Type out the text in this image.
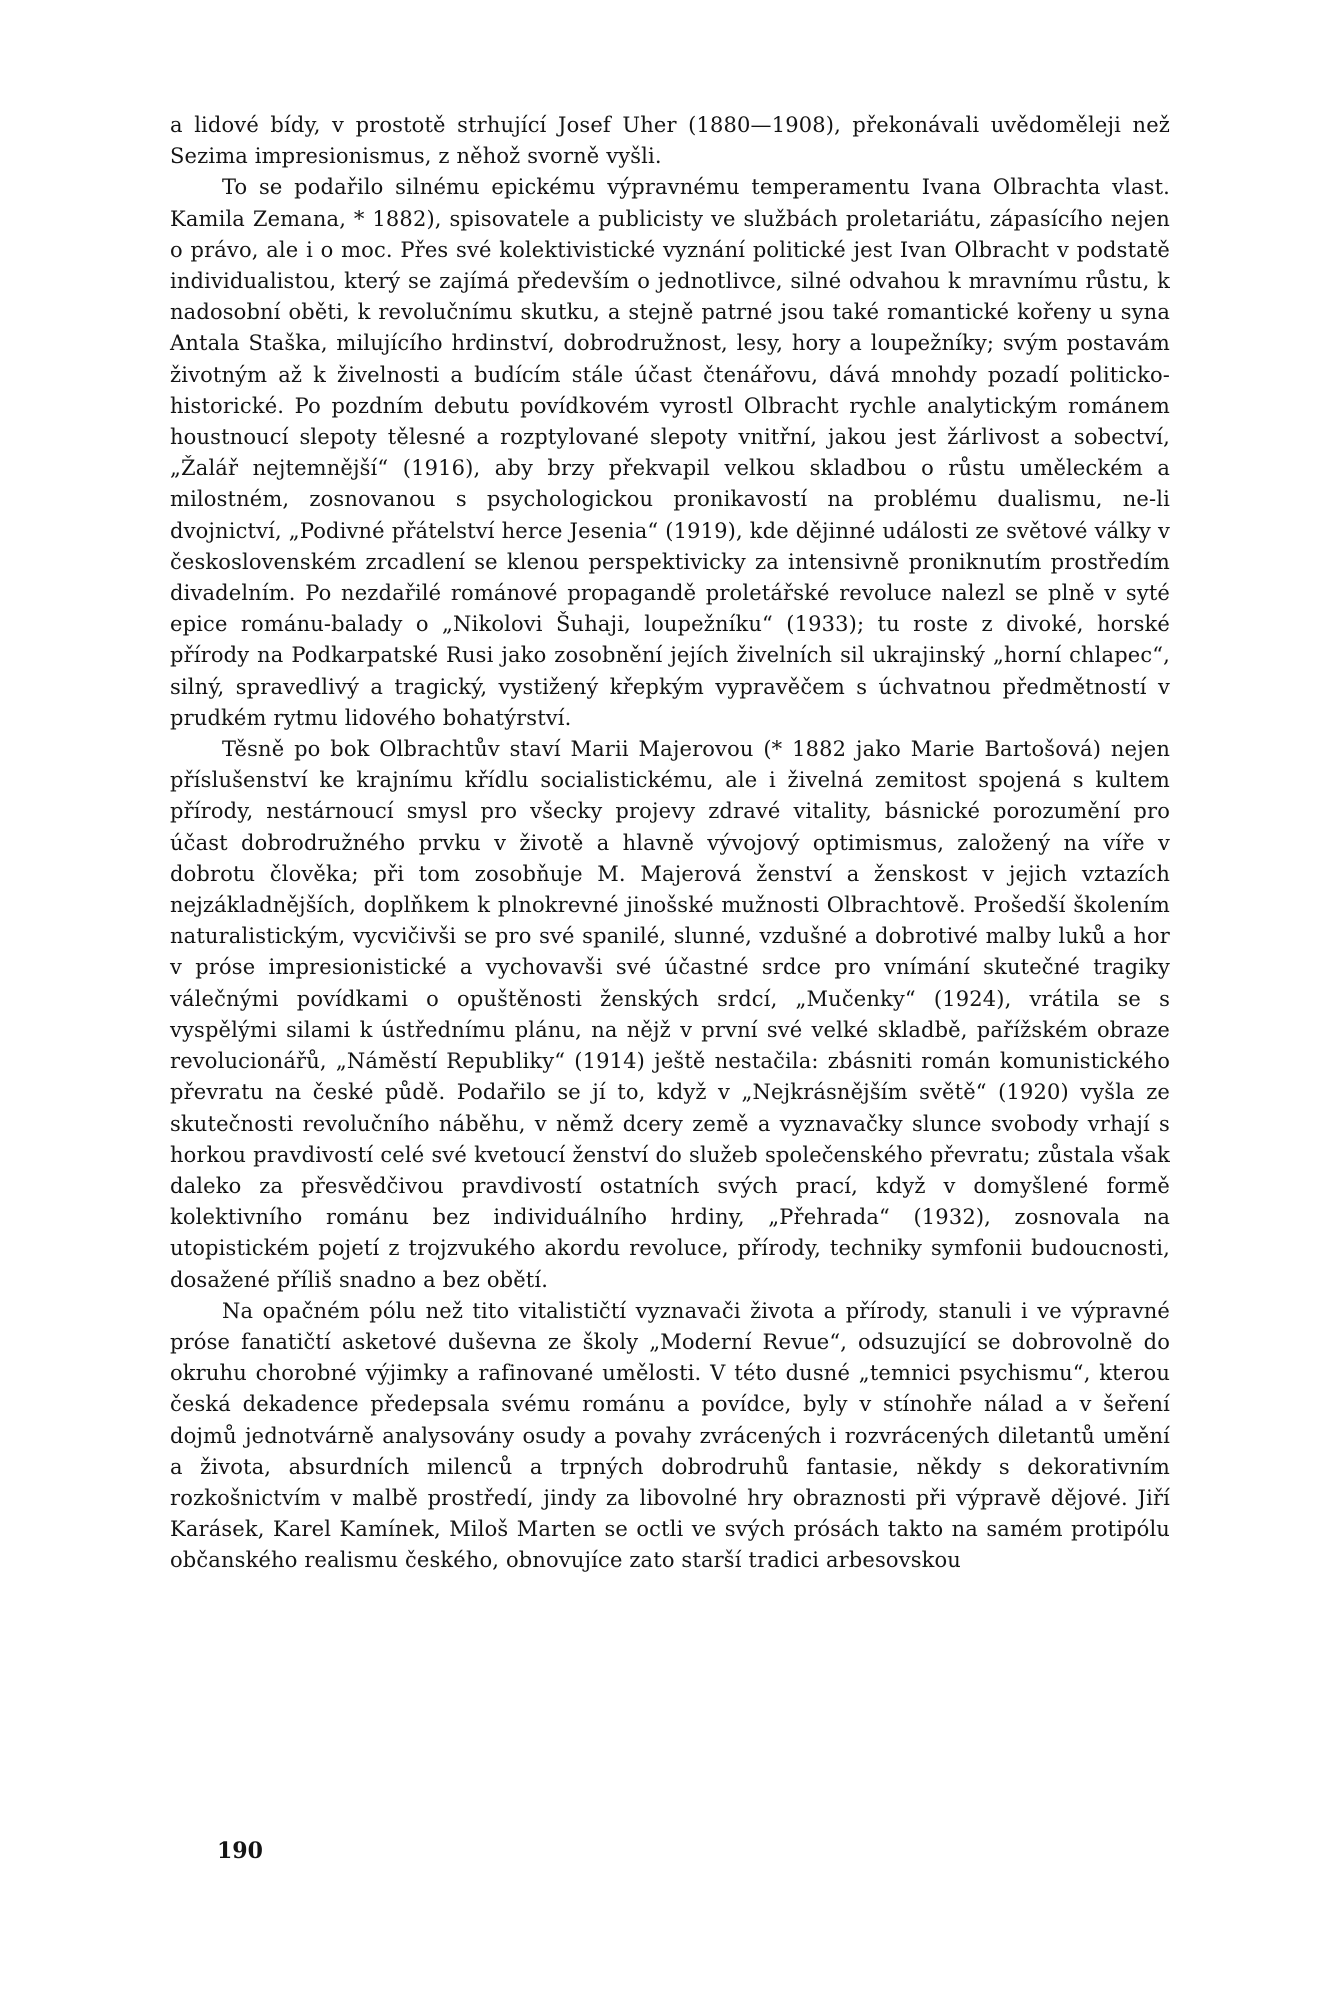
a lidové bídy, v prostotě strhující Josef Uher (1880—1908), překonávali uvědoměleji než Sezima impresionismus, z něhož svorně vyšli.

To se podařilo silnému epickému výpravnému temperamentu Ivana Olbrachta vlast. Kamila Zemana, * 1882), spisovatele a publicisty ve službách proletariátu, zápasícího nejen o právo, ale i o moc. Přes své kolektivistické vyznání politické jest Ivan Olbracht v podstatě individualistou, který se zajímá především o jednotlivce, silné odvahou k mravnímu růstu, k nadosobní oběti, k revolučnímu skutku, a stejně patrné jsou také romantické kořeny u syna Antala Staška, milujícího hrdinství, dobrodružnost, lesy, hory a loupežníky; svým postavám životným až k živelnosti a budícím stále účast čtenářovu, dává mnohdy pozadí politicko-historické. Po pozdním debutu povídkovém vyrostl Olbracht rychle analytickým románem houstnoucí slepoty tělesné a rozptylované slepoty vnitřní, jakou jest žárlivost a sobectví, „Žalář nejtemnější“ (1916), aby brzy překvapil velkou skladbou o růstu uměleckém a milostném, zosnovanou s psychologickou pronikavostí na problému dualismu, ne-li dvojnictví, „Podivné přátelství herce Jesenia“ (1919), kde dějinné události ze světové války v československém zrcadlení se klenou perspektivicky za intensivně proniknutím prostředím divadelním. Po nezdařilé románové propagandě proletářské revoluce nalezl se plně v syté epice románu-balady o „Nikolovi Šuhaji, loupežníku“ (1933); tu roste z divoké, horské přírody na Podkarpatské Rusi jako zosobnění jejích živelních sil ukrajinský „horní chlapec“, silný, spravedlivý a tragický, vystižený křepkým vypravěčem s úchvatnou předmětností v prudkém rytmu lidového bohatýrství.

Těsně po bok Olbrachtův staví Marii Majerovou (* 1882 jako Marie Bartošová) nejen příslušenství ke krajnímu křídlu socialistickému, ale i živelná zemitost spojená s kultem přírody, nestárnoucí smysl pro všecky projevy zdravé vitality, básnické porozumění pro účast dobrodružného prvku v životě a hlavně vývojový optimismus, založený na víře v dobrotu člověka; při tom zosobňuje M. Majerová ženství a ženskost v jejich vztazích nejzákladnějších, doplňkem k plnokrevné jinošské mužnosti Olbrachtově. Prošedší školením naturalistickým, vycvičivši se pro své spanilé, slunné, vzdušné a dobrotivé malby luků a hor v próse impresionistické a vychovavši své účastné srdce pro vnímání skutečné tragiky válečnými povídkami o opuštěnosti ženských srdcí, „Mučenky“ (1924), vrátila se s vyspělými silami k ústřednímu plánu, na nějž v první své velké skladbě, pařížském obraze revolucionářů, „Náměstí Republiky“ (1914) ještě nestačila: zbásniti román komunistického převratu na české půdě. Podařilo se jí to, když v „Nejkrásnějším světě“ (1920) vyšla ze skutečnosti revolučního náběhu, v němž dcery země a vyznavačky slunce svobody vrhají s horkou pravdivostí celé své kvetoucí ženství do služeb společenského převratu; zůstala však daleko za přesvědčivou pravdivostí ostatních svých prací, když v domyšlené formě kolektivního románu bez individuálního hrdiny, „Přehrada“ (1932), zosnovala na utopistickém pojetí z trojzvukého akordu revoluce, přírody, techniky symfonii budoucnosti, dosažené příliš snadno a bez obětí.

Na opačném pólu než tito vitalističtí vyznavači života a přírody, stanuli i ve výpravné próse fanatičtí asketové duševna ze školy „Moderní Revue“, odsuzující se dobrovolně do okruhu chorobné výjimky a rafinované umělosti. V této dusné „temnici psychismu“, kterou česká dekadence předepsala svému románu a povídce, byly v stínohře nálad a v šeření dojmů jednotvárně analysovány osudy a povahy zvrácených i rozvrácených diletantů umění a života, absurdních milenců a trpných dobrodruhů fantasie, někdy s dekorativním rozkošnictvím v malbě prostředí, jindy za libovolné hry obraznosti při výpravě dějové. Jiří Karásek, Karel Kamínek, Miloš Marten se octli ve svých prósách takto na samém protipólu občanského realismu českého, obnovujíce zato starší tradici arbesovskou

190
